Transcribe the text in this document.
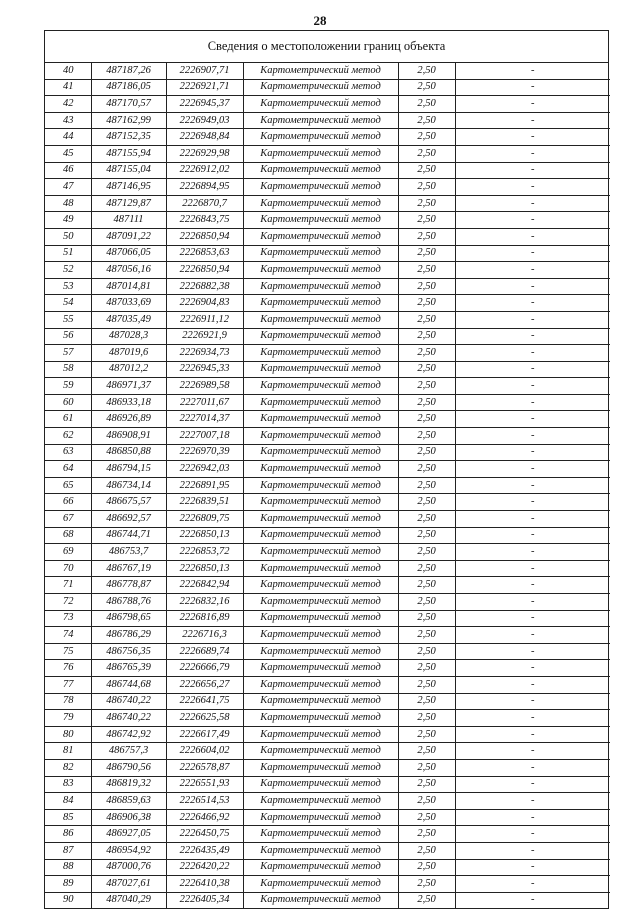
28
Сведения о местоположении границ объекта
40	487187,26	2226907,71	Картометрический метод	2,50	-
41	487186,05	2226921,71	Картометрический метод	2,50	-
42	487170,57	2226945,37	Картометрический метод	2,50	-
43	487162,99	2226949,03	Картометрический метод	2,50	-
44	487152,35	2226948,84	Картометрический метод	2,50	-
45	487155,94	2226929,98	Картометрический метод	2,50	-
46	487155,04	2226912,02	Картометрический метод	2,50	-
47	487146,95	2226894,95	Картометрический метод	2,50	-
48	487129,87	2226870,7	Картометрический метод	2,50	-
49	487111	2226843,75	Картометрический метод	2,50	-
50	487091,22	2226850,94	Картометрический метод	2,50	-
51	487066,05	2226853,63	Картометрический метод	2,50	-
52	487056,16	2226850,94	Картометрический метод	2,50	-
53	487014,81	2226882,38	Картометрический метод	2,50	-
54	487033,69	2226904,83	Картометрический метод	2,50	-
55	487035,49	2226911,12	Картометрический метод	2,50	-
56	487028,3	2226921,9	Картометрический метод	2,50	-
57	487019,6	2226934,73	Картометрический метод	2,50	-
58	487012,2	2226945,33	Картометрический метод	2,50	-
59	486971,37	2226989,58	Картометрический метод	2,50	-
60	486933,18	2227011,67	Картометрический метод	2,50	-
61	486926,89	2227014,37	Картометрический метод	2,50	-
62	486908,91	2227007,18	Картометрический метод	2,50	-
63	486850,88	2226970,39	Картометрический метод	2,50	-
64	486794,15	2226942,03	Картометрический метод	2,50	-
65	486734,14	2226891,95	Картометрический метод	2,50	-
66	486675,57	2226839,51	Картометрический метод	2,50	-
67	486692,57	2226809,75	Картометрический метод	2,50	-
68	486744,71	2226850,13	Картометрический метод	2,50	-
69	486753,7	2226853,72	Картометрический метод	2,50	-
70	486767,19	2226850,13	Картометрический метод	2,50	-
71	486778,87	2226842,94	Картометрический метод	2,50	-
72	486788,76	2226832,16	Картометрический метод	2,50	-
73	486798,65	2226816,89	Картометрический метод	2,50	-
74	486786,29	2226716,3	Картометрический метод	2,50	-
75	486756,35	2226689,74	Картометрический метод	2,50	-
76	486765,39	2226666,79	Картометрический метод	2,50	-
77	486744,68	2226656,27	Картометрический метод	2,50	-
78	486740,22	2226641,75	Картометрический метод	2,50	-
79	486740,22	2226625,58	Картометрический метод	2,50	-
80	486742,92	2226617,49	Картометрический метод	2,50	-
81	486757,3	2226604,02	Картометрический метод	2,50	-
82	486790,56	2226578,87	Картометрический метод	2,50	-
83	486819,32	2226551,93	Картометрический метод	2,50	-
84	486859,63	2226514,53	Картометрический метод	2,50	-
85	486906,38	2226466,92	Картометрический метод	2,50	-
86	486927,05	2226450,75	Картометрический метод	2,50	-
87	486954,92	2226435,49	Картометрический метод	2,50	-
88	487000,76	2226420,22	Картометрический метод	2,50	-
89	487027,61	2226410,38	Картометрический метод	2,50	-
90	487040,29	2226405,34	Картометрический метод	2,50	-
